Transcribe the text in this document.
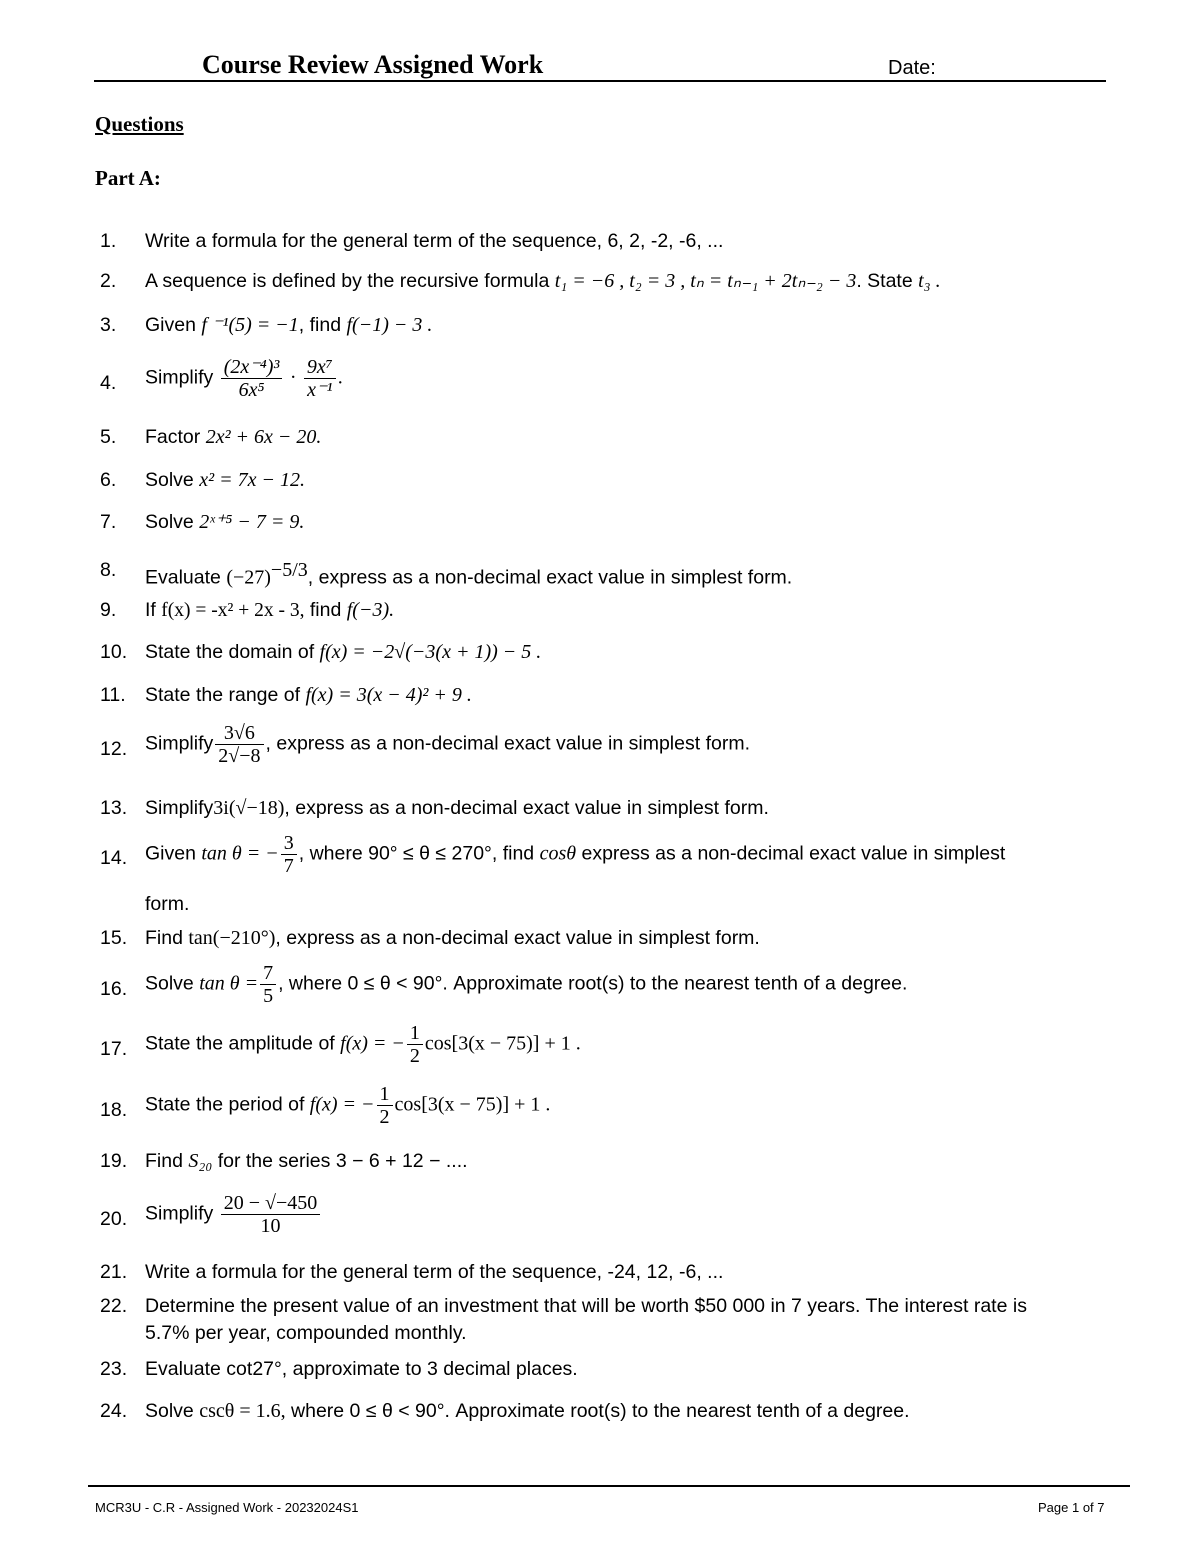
Course Review Assigned Work	Date:
Questions
Part A:
1.	Write a formula for the general term of the sequence, 6, 2, -2, -6, ...
2.	A sequence is defined by the recursive formula t₁ = −6 , t₂ = 3 , tₙ = tₙ₋₁ + 2tₙ₋₂ − 3. State t₃ .
3.	Given f ⁻¹(5) = −1, find f(−1) − 3 .
4.	Simplify $\frac{\text{(2x⁻⁴)³}}{\text{6x⁵}} \cdot \frac{\text{9x⁷}}{\text{x⁻¹}}$ .
5.	Factor 2x² + 6x − 20.
6.	Solve x² = 7x − 12.
7.	Solve 2ˣ⁺⁵ − 7 = 9.
8.	Evaluate $(-27)^{-5/3}$, express as a non-decimal exact value in simplest form.
9.	If f(x) = -x² + 2x - 3, find f(−3).
10. State the domain of f(x) = −2√(−3(x + 1)) − 5 .
11. State the range of f(x) = 3(x − 4)² + 9 .
12. Simplify $\frac{3√6}{2√-8}$ , express as a non-decimal exact value in simplest form.
13. Simplify3i(√−18), express as a non-decimal exact value in simplest form.
14. Given tan θ = − $\frac{3}{7}$ , where 90° ≤ θ ≤ 270°, find cosθ express as a non-decimal exact value in simplest
form.
15. Find tan(−210°), express as a non-decimal exact value in simplest form.
16. Solve $\tan \theta = \frac{7}{5}$ , where 0 ≤ θ < 90°. Approximate root(s) to the nearest tenth of a degree.
17. State the amplitude of f(x) = − $\frac{1}{2} \cos[3(x - 75)] + 1$ .
18. State the period of f(x) = − $\frac{1}{2} \cos[3(x - 75)] + 1$ .
19. Find S₂₀ for the series 3 − 6 + 12 − ....
20. Simplify $\frac{20 - √-450}{10}$
21. Write a formula for the general term of the sequence, -24, 12, -6, ...
22. Determine the present value of an investment that will be worth $50 000 in 7 years. The interest rate is
5.7% per year, compounded monthly.
23. Evaluate cot27°, approximate to 3 decimal places.
24. Solve cscθ = 1.6, where 0 ≤ θ < 90°. Approximate root(s) to the nearest tenth of a degree.
MCR3U - C.R - Assigned Work - 20232024S1	Page 1 of 7
